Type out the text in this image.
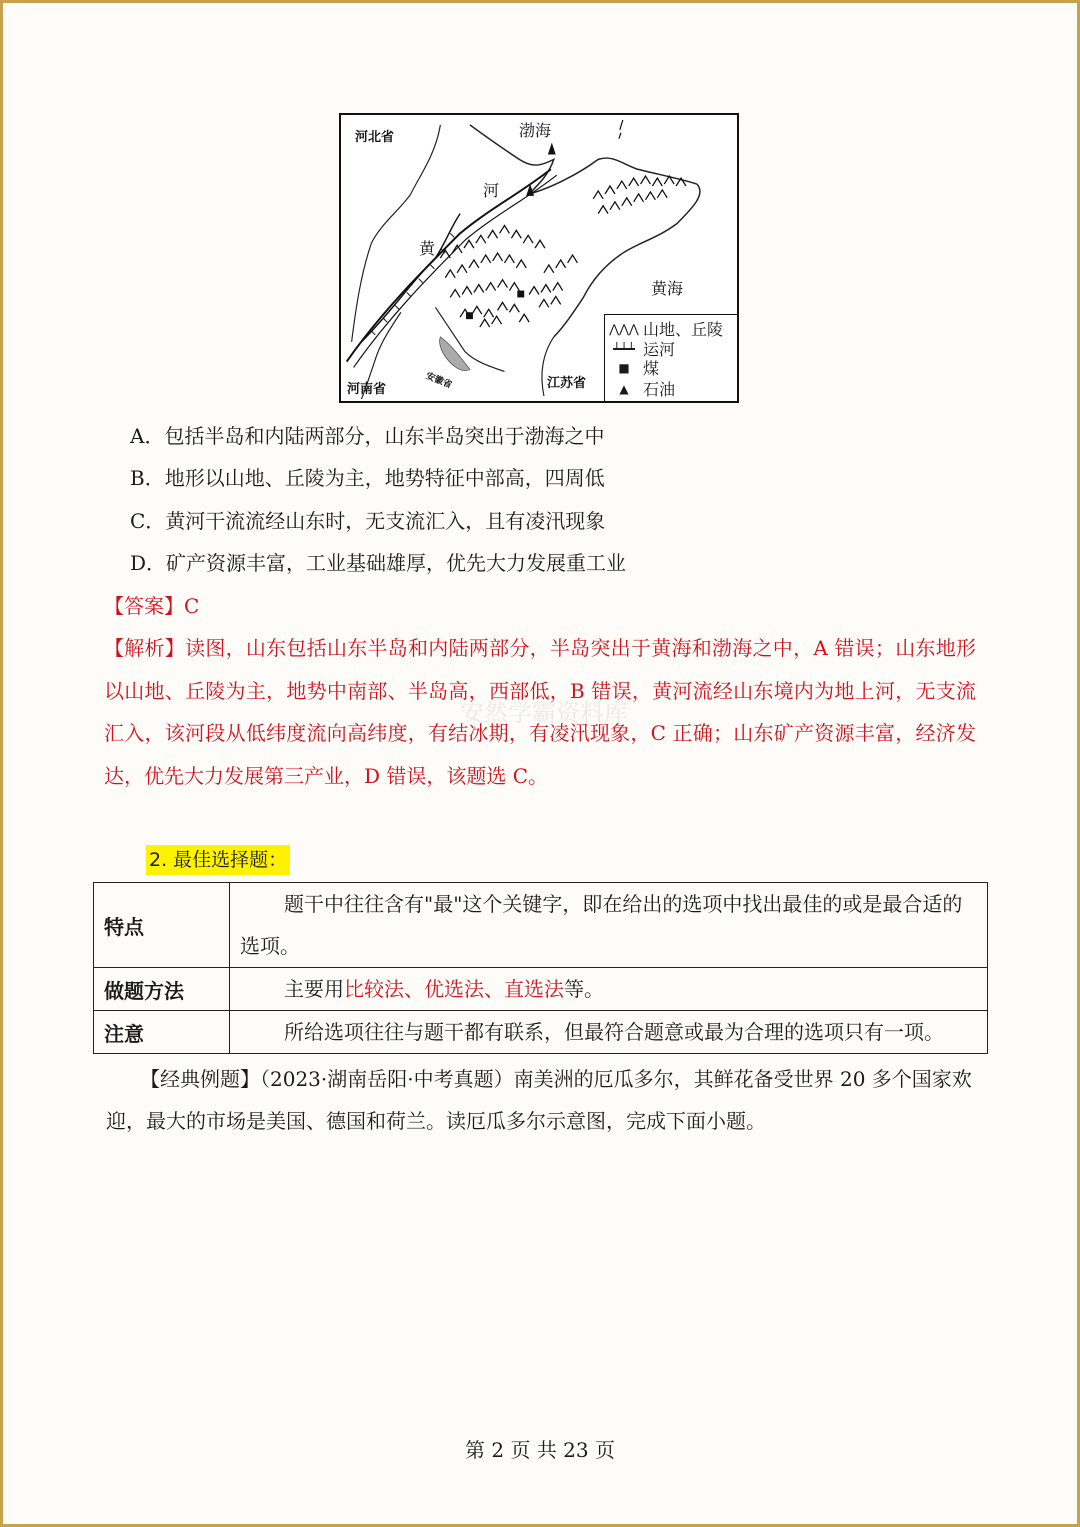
河北省	渤海
河
黄
黄海
河南省	江苏省
安徽省
⋀⋀⋀ 山地、丘陵
┷┷┷ 运河
■ 煤
▲ 石油
A．包括半岛和内陆两部分，山东半岛突出于渤海之中
B．地形以山地、丘陵为主，地势特征中部高，四周低
C．黄河干流流经山东时，无支流汇入，且有凌汛现象
D．矿产资源丰富，工业基础雄厚，优先大力发展重工业
【答案】C
【解析】读图，山东包括山东半岛和内陆两部分，半岛突出于黄海和渤海之中，A 错误；山东地形以山地、丘陵为主，地势中南部、半岛高，西部低，B 错误，黄河流经山东境内为地上河，无支流汇入，该河段从低纬度流向高纬度，有结冰期，有凌汛现象，C 正确；山东矿产资源丰富，经济发达，优先大力发展第三产业，D 错误，该题选 C。
安然学霸资料库
2. 最佳选择题：
特点	题干中往往含有"最"这个关键字，即在给出的选项中找出最佳的或是最合适的选项。
做题方法	主要用比较法、优选法、直选法等。
注意	所给选项往往与题干都有联系，但最符合题意或最为合理的选项只有一项。
【经典例题】（2023·湖南岳阳·中考真题）南美洲的厄瓜多尔，其鲜花备受世界 20 多个国家欢迎，最大的市场是美国、德国和荷兰。读厄瓜多尔示意图，完成下面小题。
第 2 页 共 23 页
